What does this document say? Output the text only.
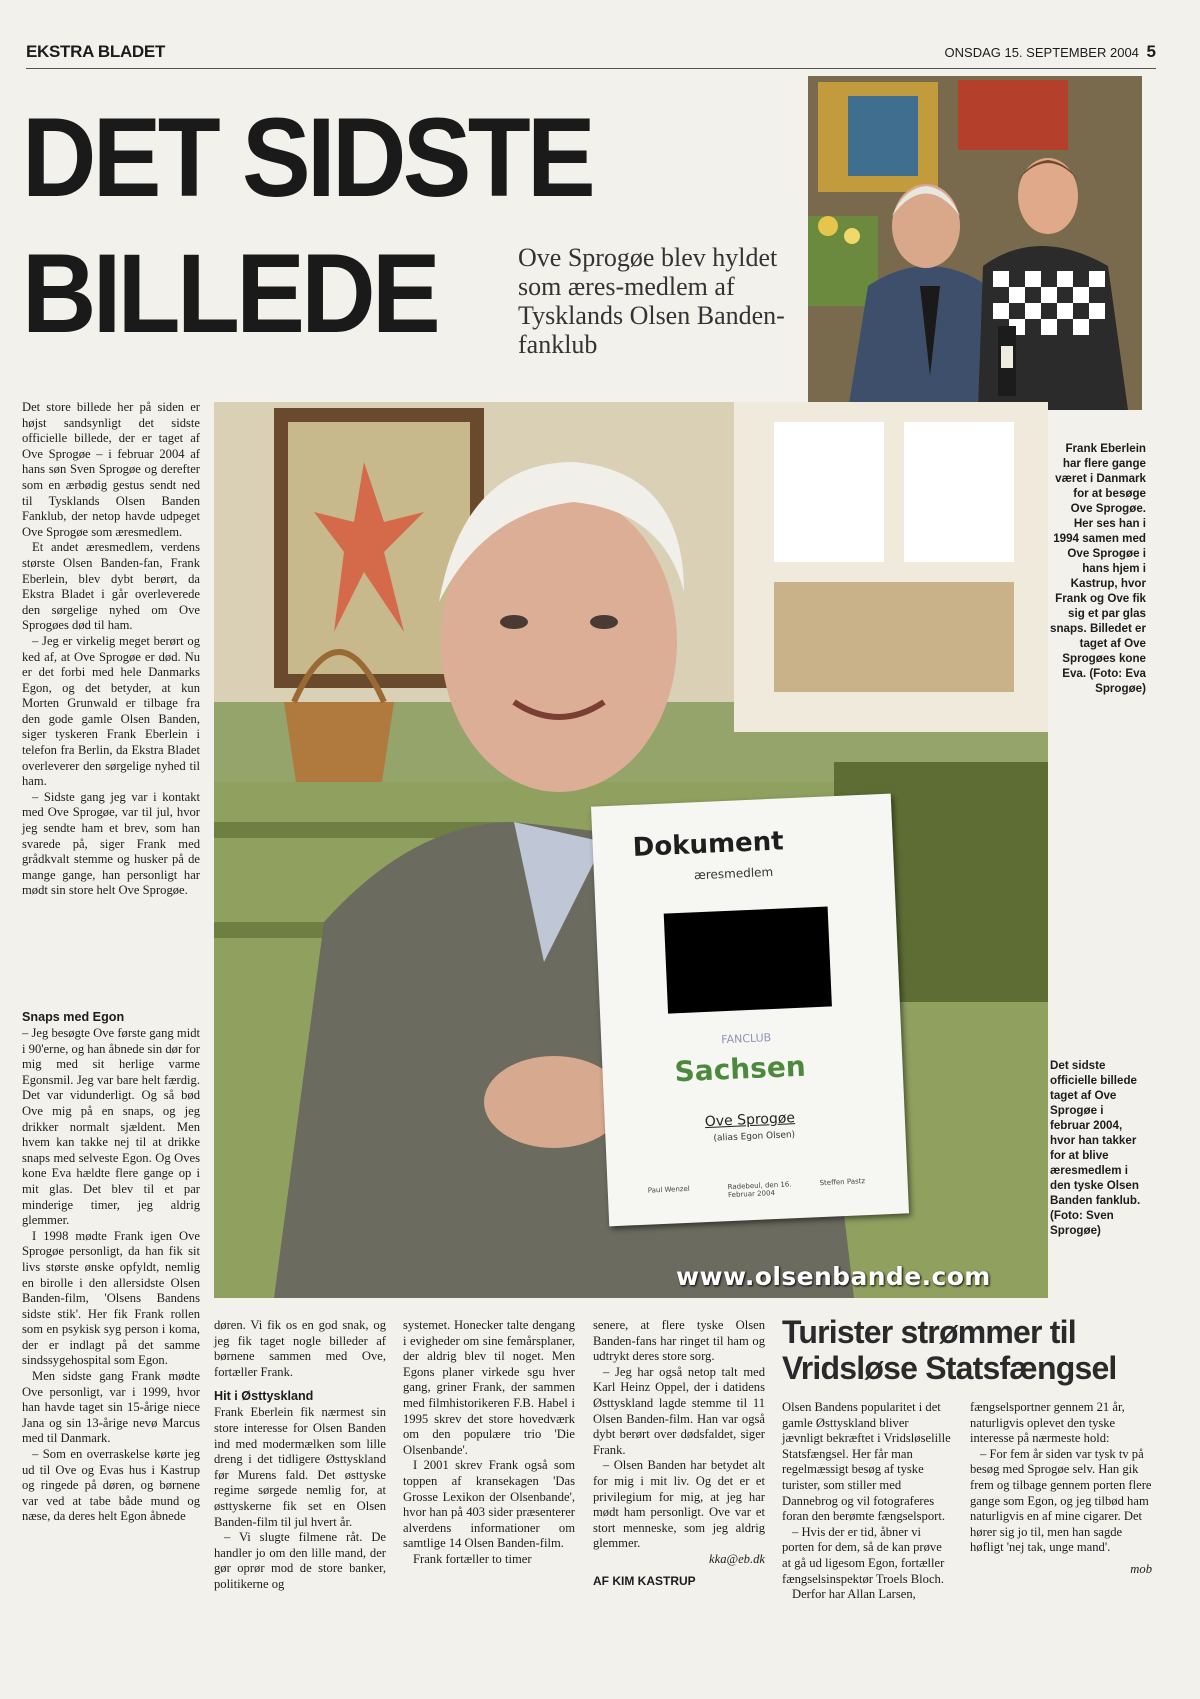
EKSTRA BLADET	ONSDAG 15. SEPTEMBER 2004 5
DET SIDSTE
BILLEDE	Ove Sprogøe blev hyldet som æres-medlem af Tysklands Olsen Banden-fanklub
Dokument
æresmedlem
FANCLUB
Sachsen
Ove Sprogøe
(alias Egon Olsen)
Paul Wenzel	Radebeul, den 16. Februar 2004
Steffen Pastz
www.olsenbande.com
Frank Eberlein har flere gange været i Danmark for at besøge Ove Sprogøe. Her ses han i 1994 samen med Ove Sprogøe i hans hjem i Kastrup, hvor Frank og Ove fik sig et par glas snaps. Billedet er taget af Ove Sprogøes kone Eva. (Foto: Eva Sprogøe)
Det sidste officielle billede taget af Ove Sprogøe i februar 2004, hvor han takker for at blive æresmedlem i den tyske Olsen Banden fanklub. (Foto: Sven Sprogøe)

Det store billede her på siden er højst sandsynligt det sidste officielle billede, der er taget af Ove Sprogøe – i februar 2004 af hans søn Sven Sprogøe og derefter som en ærbødig gestus sendt ned til Tysklands Olsen Banden Fanklub, der netop havde udpeget Ove Sprogøe som æresmedlem.

Et andet æresmedlem, verdens største Olsen Banden-fan, Frank Eberlein, blev dybt berørt, da Ekstra Bladet i går overleverede den sørgelige nyhed om Ove Sprogøes død til ham.

– Jeg er virkelig meget berørt og ked af, at Ove Sprogøe er død. Nu er det forbi med hele Danmarks Egon, og det betyder, at kun Morten Grunwald er tilbage fra den gode gamle Olsen Banden, siger tyskeren Frank Eberlein i telefon fra Berlin, da Ekstra Bladet overleverer den sørgelige nyhed til ham.

– Sidste gang jeg var i kontakt med Ove Sprogøe, var til jul, hvor jeg sendte ham et brev, som han svarede på, siger Frank med grådkvalt stemme og husker på de mange gange, han personligt har mødt sin store helt Ove Sprogøe.

Snaps med Egon

– Jeg besøgte Ove første gang midt i 90'erne, og han åbnede sin dør for mig med sit herlige varme Egonsmil. Jeg var bare helt færdig. Det var vidunderligt. Og så bød Ove mig på en snaps, og jeg drikker normalt sjældent. Men hvem kan takke nej til at drikke snaps med selveste Egon. Og Oves kone Eva hældte flere gange op i mit glas. Det blev til et par minderige timer, jeg aldrig glemmer.

I 1998 mødte Frank igen Ove Sprogøe personligt, da han fik sit livs største ønske opfyldt, nemlig en birolle i den allersidste Olsen Banden-film, 'Olsens Bandens sidste stik'. Her fik Frank rollen som en psykisk syg person i koma, der er indlagt på det samme sindssygehospital som Egon.

Men sidste gang Frank mødte Ove personligt, var i 1999, hvor han havde taget sin 15-årige niece Jana og sin 13-årige nevø Marcus med til Danmark.

– Som en overraskelse kørte jeg ud til Ove og Evas hus i Kastrup og ringede på døren, og børnene var ved at tabe både mund og næse, da deres helt Egon åbnede

døren. Vi fik os en god snak, og jeg fik taget nogle billeder af børnene sammen med Ove, fortæller Frank.

Hit i Østtyskland

Frank Eberlein fik nærmest sin store interesse for Olsen Banden ind med modermælken som lille dreng i det tidligere Østtyskland før Murens fald. Det østtyske regime sørgede nemlig for, at østtyskerne fik set en Olsen Banden-film til jul hvert år.

– Vi slugte filmene råt. De handler jo om den lille mand, der gør oprør mod de store banker, politikerne og

systemet. Honecker talte dengang i evigheder om sine femårsplaner, der aldrig blev til noget. Men Egons planer virkede sgu hver gang, griner Frank, der sammen med filmhistorikeren F.B. Habel i 1995 skrev det store hovedværk om den populære trio 'Die Olsenbande'.

I 2001 skrev Frank også som toppen af kransekagen 'Das Grosse Lexikon der Olsenbande', hvor han på 403 sider præsenterer alverdens informationer om samtlige 14 Olsen Banden-film.

Frank fortæller to timer

senere, at flere tyske Olsen Banden-fans har ringet til ham og udtrykt deres store sorg.

– Jeg har også netop talt med Karl Heinz Oppel, der i datidens Østtyskland lagde stemme til 11 Olsen Banden-film. Han var også dybt berørt over dødsfaldet, siger Frank.

– Olsen Banden har betydet alt for mig i mit liv. Og det er et privilegium for mig, at jeg har mødt ham personligt. Ove var et stort menneske, som jeg aldrig glemmer.

kka@eb.dk

AF KIM KASTRUP
Turister strømmer til Vridsløse Statsfængsel

Olsen Bandens popularitet i det gamle Østtyskland bliver jævnligt bekræftet i Vridsløselille Statsfængsel. Her får man regelmæssigt besøg af tyske turister, som stiller med Dannebrog og vil fotograferes foran den berømte fængselsport.

– Hvis der er tid, åbner vi porten for dem, så de kan prøve at gå ud ligesom Egon, fortæller fængselsinspektør Troels Bloch.

Derfor har Allan Larsen,

fængselsportner gennem 21 år, naturligvis oplevet den tyske interesse på nærmeste hold:

– For fem år siden var tysk tv på besøg med Sprogøe selv. Han gik frem og tilbage gennem porten flere gange som Egon, og jeg tilbød ham naturligvis en af mine cigarer. Det hører sig jo til, men han sagde høfligt 'nej tak, unge mand'.

mob
